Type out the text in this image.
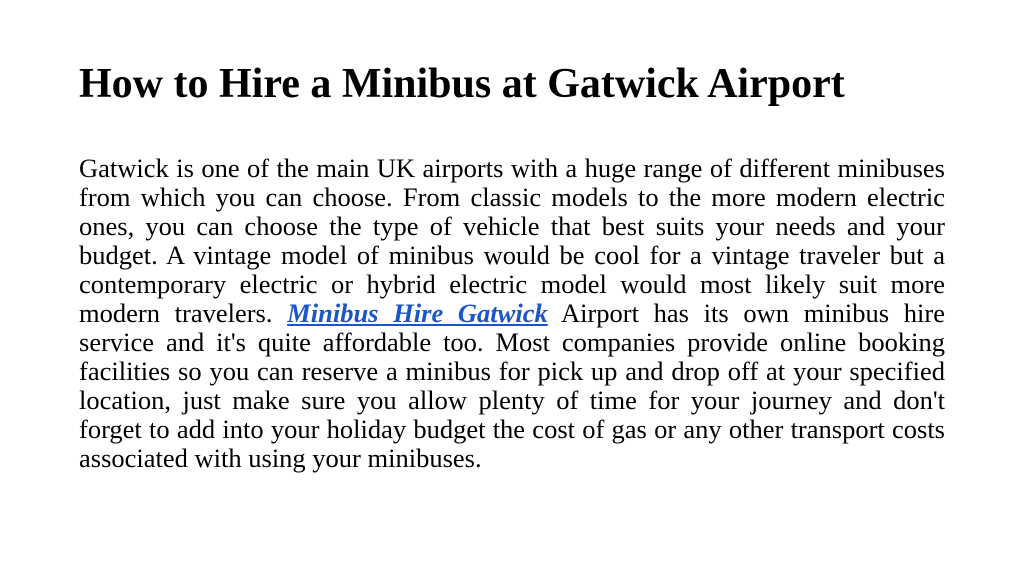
How to Hire a Minibus at Gatwick Airport

Gatwick is one of the main UK airports with a huge range of different minibuses from which you can choose. From classic models to the more modern electric ones, you can choose the type of vehicle that best suits your needs and your budget. A vintage model of minibus would be cool for a vintage traveler but a contemporary electric or hybrid electric model would most likely suit more modern travelers. Minibus Hire Gatwick Airport has its own minibus hire service and it's quite affordable too. Most companies provide online booking facilities so you can reserve a minibus for pick up and drop off at your specified location, just make sure you allow plenty of time for your journey and don't forget to add into your holiday budget the cost of gas or any other transport costs associated with using your minibuses.
